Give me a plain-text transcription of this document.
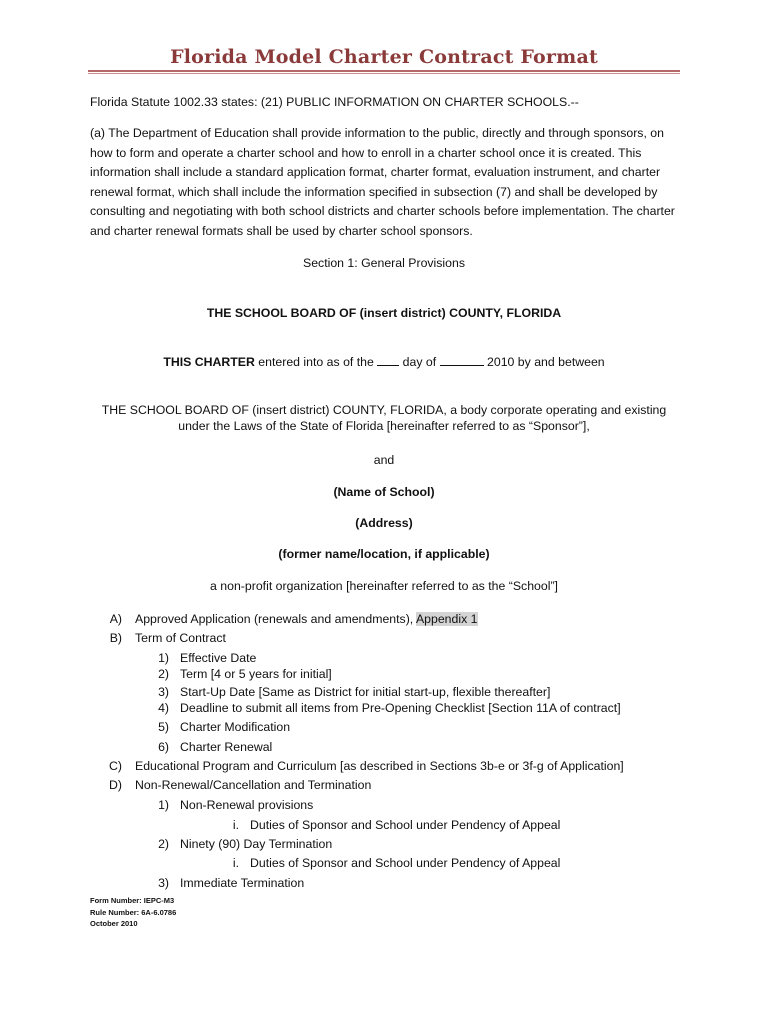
Florida Model Charter Contract Format
Florida Statute 1002.33 states: (21) PUBLIC INFORMATION ON CHARTER SCHOOLS.--
(a) The Department of Education shall provide information to the public, directly and through sponsors, on how to form and operate a charter school and how to enroll in a charter school once it is created. This information shall include a standard application format, charter format, evaluation instrument, and charter renewal format, which shall include the information specified in subsection (7) and shall be developed by consulting and negotiating with both school districts and charter schools before implementation. The charter and charter renewal formats shall be used by charter school sponsors.
Section 1: General Provisions
THE SCHOOL BOARD OF (insert district) COUNTY, FLORIDA
THIS CHARTER entered into as of the  day of	2010 by and between
THE SCHOOL BOARD OF (insert district) COUNTY, FLORIDA, a body corporate operating and existing
under the Laws of the State of Florida [hereinafter referred to as “Sponsor”],
and
(Name of School)
(Address)
(former name/location, if applicable)
a non-profit organization [hereinafter referred to as the “School”]
A) Approved Application (renewals and amendments), Appendix 1
B) Term of Contract
1) Effective Date
2) Term [4 or 5 years for initial]
3) Start-Up Date [Same as District for initial start-up, flexible thereafter]
4) Deadline to submit all items from Pre-Opening Checklist [Section 11A of contract]
5) Charter Modification
6) Charter Renewal
C) Educational Program and Curriculum [as described in Sections 3b-e or 3f-g of Application]
D) Non-Renewal/Cancellation and Termination
1) Non-Renewal provisions
i. Duties of Sponsor and School under Pendency of Appeal
2) Ninety (90) Day Termination
i. Duties of Sponsor and School under Pendency of Appeal
3) Immediate Termination
Form Number: IEPC-M3
Rule Number: 6A-6.0786
October 2010
